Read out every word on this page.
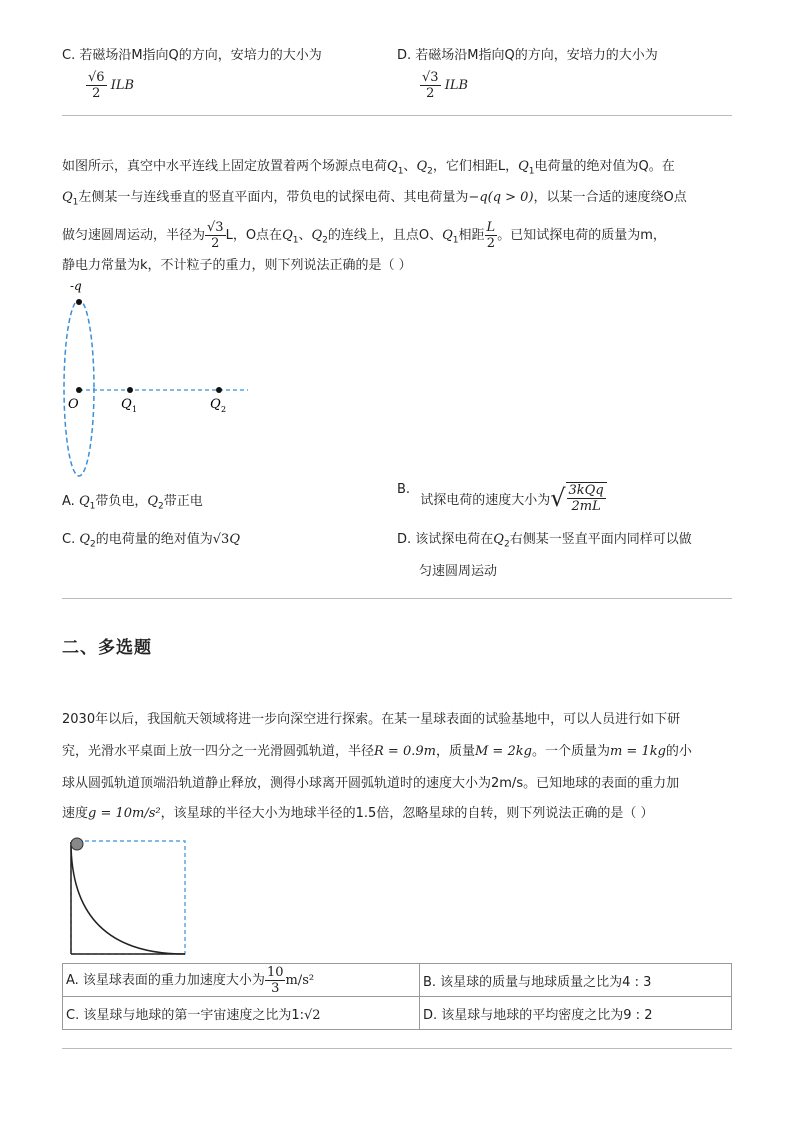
C. 若磁场沿M指向Q的方向，安培力的大小为
$\frac{√6}{2}$ ILB
D. 若磁场沿M指向Q的方向，安培力的大小为
$\frac{√3}{2}$ ILB
如图所示，真空中水平连线上固定放置着两个场源点电荷$Q_1$、$Q_2$，它们相距L，$Q_1$电荷量的绝对值为Q。在
$Q_1$左侧某一与连线垂直的竖直平面内，带负电的试探电荷、其电荷量为−q(q > 0)，以某一合适的速度绕O点
做匀速圆周运动，半径为 $\frac{√3}{2}$ L，O点在$Q_1$、$Q_2$的连线上，且点O、$Q_1$相距 $\frac{L}{2}$ 。已知试探电荷的质量为m，
静电力常量为k，不计粒子的重力，则下列说法正确的是（ ）
-q
O	Q 1	Q 2
A. $Q_1$带负电，$Q_2$带正电
B. 试探电荷的速度大小为√ $\frac{\text{3kQq}}{2mL}$
C. $Q_2$的电荷量的绝对值为√3Q	D. 该试探电荷在$Q_2$右侧某一竖直平面内同样可以做
匀速圆周运动
二、多选题
2030年以后，我国航天领域将进一步向深空进行探索。在某一星球表面的试验基地中，可以人员进行如下研
究，光滑水平桌面上放一四分之一光滑圆弧轨道，半径R = 0.9m，质量M = 2kg。一个质量为m = 1kg的小
球从圆弧轨道顶端沿轨道静止释放，测得小球离开圆弧轨道时的速度大小为2m/s。已知地球的表面的重力加
速度g = 10m/s²，该星球的半径大小为地球半径的1.5倍，忽略星球的自转，则下列说法正确的是（ ）
A. 该星球表面的重力加速度大小为 $\frac{10}{3} m/s^2$	B. 该星球的质量与地球质量之比为4 : 3
C. 该星球与地球的第一宇宙速度之比为1:√2	D. 该星球与地球的平均密度之比为9 : 2
